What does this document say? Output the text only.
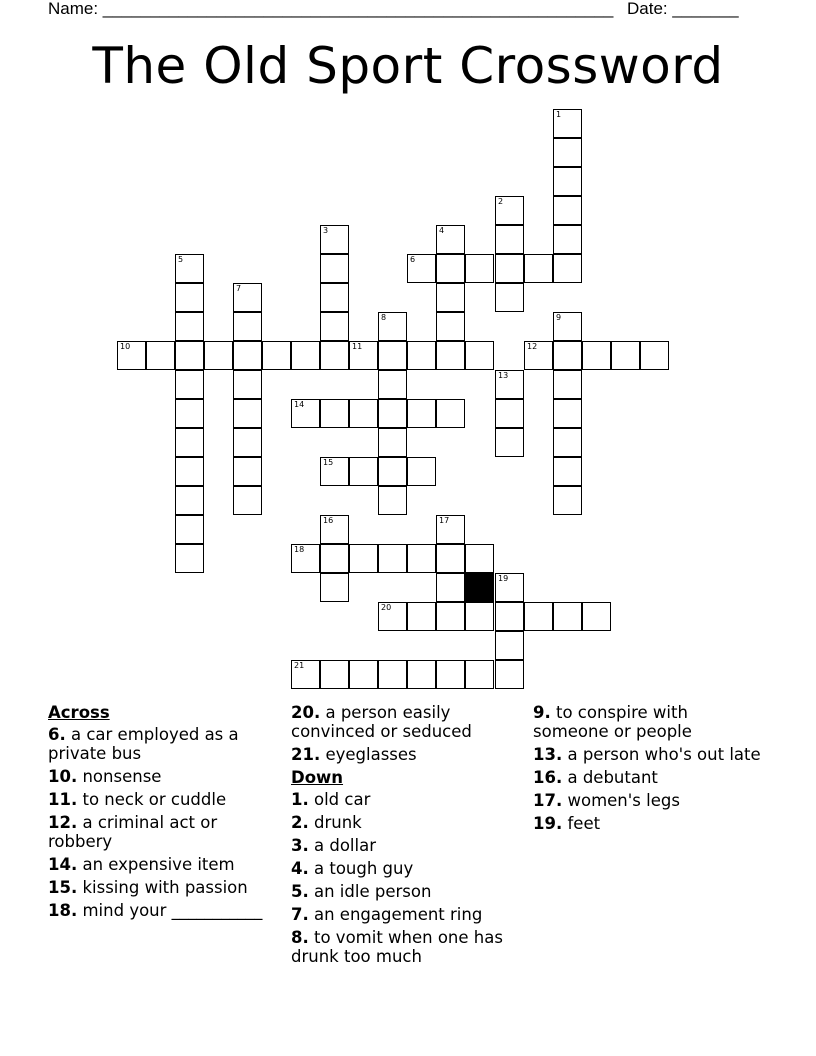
Name: ______________________________________________________ Date: _______
The Old Sport Crossword
1
2
3	4
6
5
7
8	9
10	11	12
13
14
15
16	17
18
19
20
21
Across
6. a car employed as a private bus
10. nonsense
11. to neck or cuddle
12. a criminal act or robbery
14. an expensive item
15. kissing with passion
18. mind your ___________
20. a person easily convinced or seduced
21. eyeglasses
Down
1. old car
2. drunk
3. a dollar
4. a tough guy
5. an idle person
7. an engagement ring
8. to vomit when one has drunk too much
9. to conspire with someone or people
13. a person who's out late
16. a debutant
17. women's legs
19. feet
